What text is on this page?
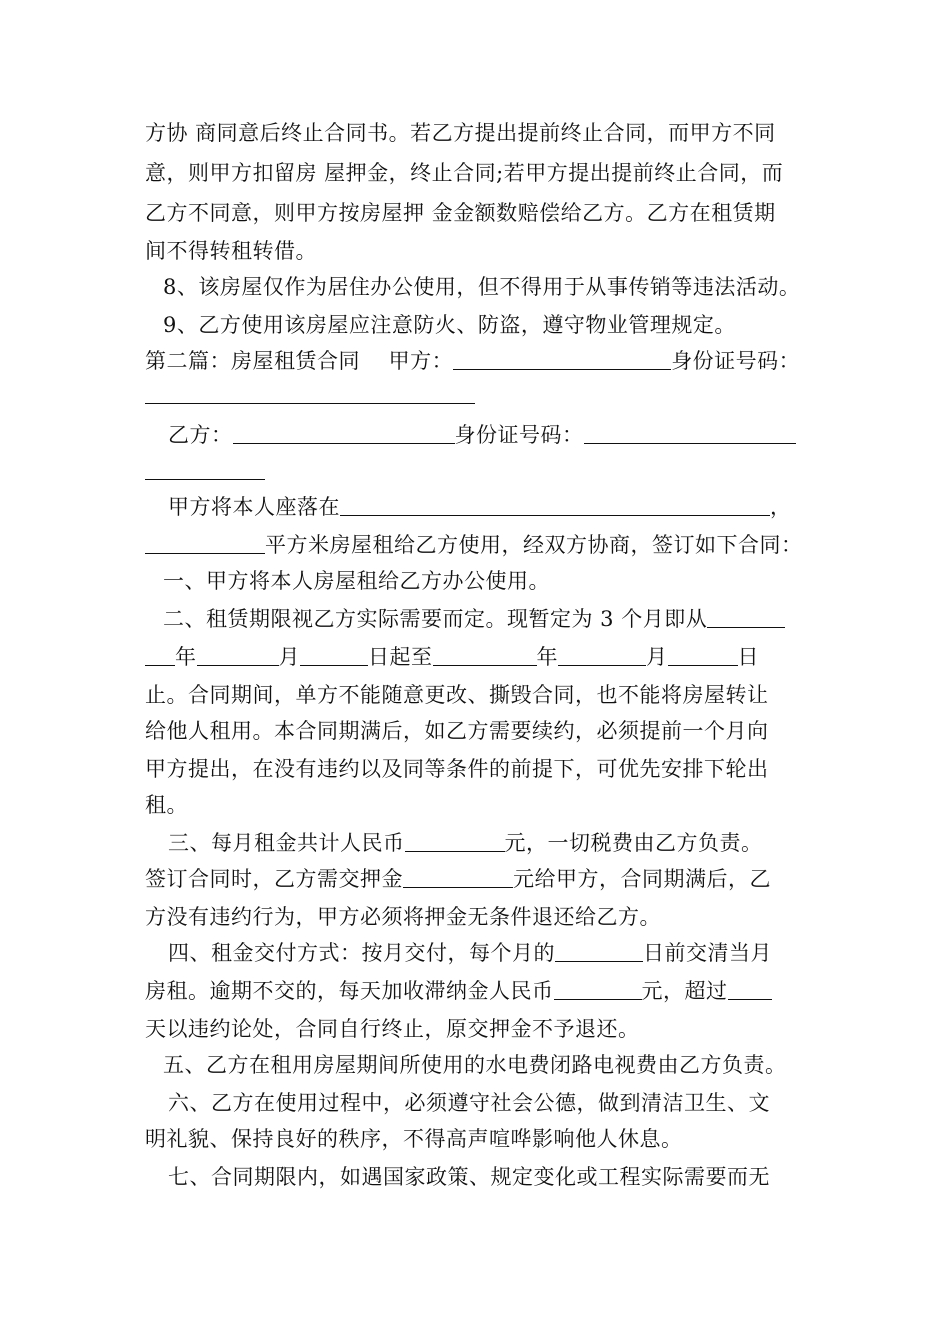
方协 商同意后终止合同书。若乙方提出提前终止合同，而甲方不同
意，则甲方扣留房 屋押金，终止合同;若甲方提出提前终止合同，而
乙方不同意，则甲方按房屋押 金金额数赔偿给乙方。乙方在租赁期
间不得转租转借。
8、该房屋仅作为居住办公使用，但不得用于从事传销等违法活动。
9、乙方使用该房屋应注意防火、防盗，遵守物业管理规定。
第二篇：房屋租赁合同　 甲方：	身份证号码：
乙方：	身份证号码：
甲方将本人座落在	，
平方米房屋租给乙方使用，经双方协商，签订如下合同：
一、甲方将本人房屋租给乙方办公使用。
二、租赁期限视乙方实际需要而定。现暂定为 3 个月即从
年	月	日起至	年	月	日
止。合同期间，单方不能随意更改、撕毁合同，也不能将房屋转让
给他人租用。本合同期满后，如乙方需要续约，必须提前一个月向
甲方提出，在没有违约以及同等条件的前提下，可优先安排下轮出
租。
三、每月租金共计人民币	元，一切税费由乙方负责。
签订合同时，乙方需交押金	元给甲方，合同期满后，乙
方没有违约行为，甲方必须将押金无条件退还给乙方。
四、租金交付方式：按月交付，每个月的	日前交清当月
房租。逾期不交的，每天加收滞纳金人民币	元，超过
天以违约论处，合同自行终止，原交押金不予退还。
五、乙方在租用房屋期间所使用的水电费闭路电视费由乙方负责。
六、乙方在使用过程中，必须遵守社会公德，做到清洁卫生、文
明礼貌、保持良好的秩序，不得高声喧哗影响他人休息。
七、合同期限内，如遇国家政策、规定变化或工程实际需要而无
